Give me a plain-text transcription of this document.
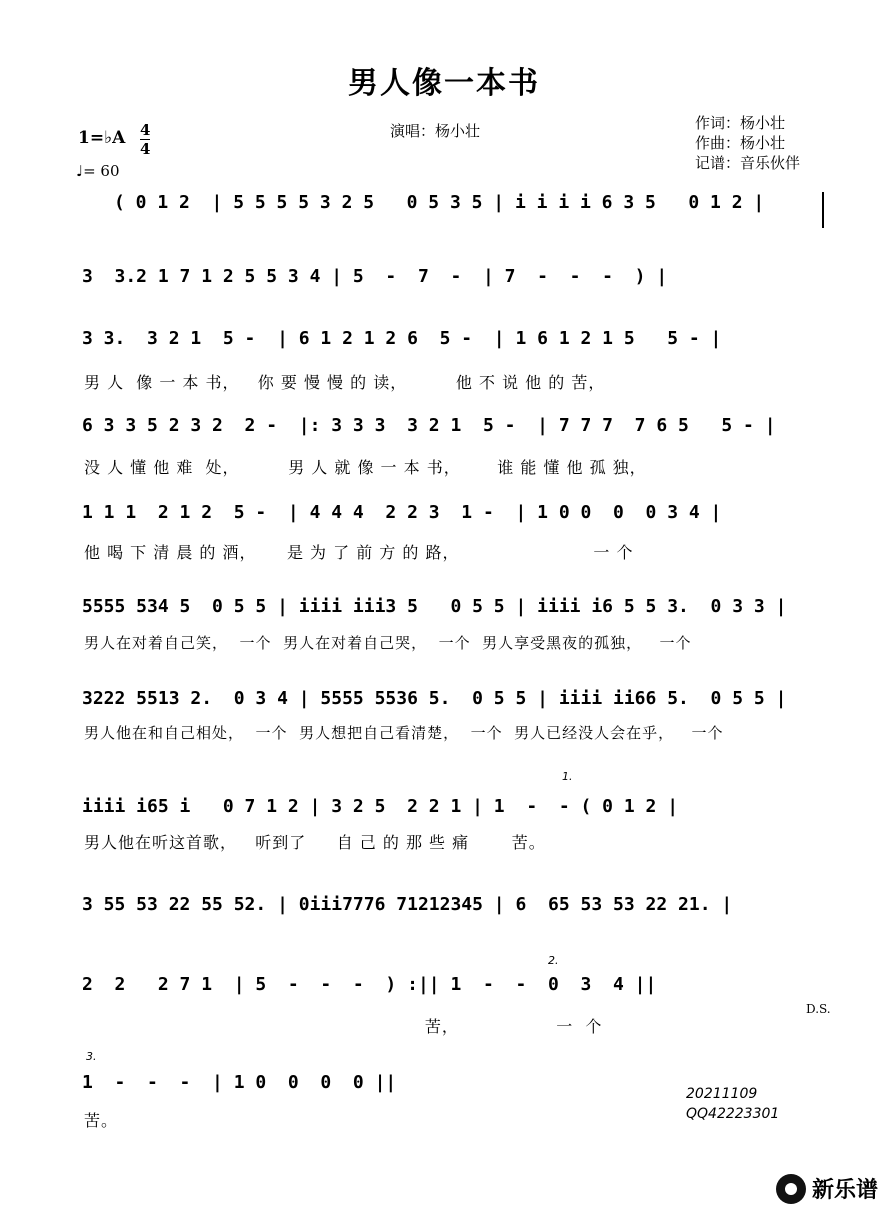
男人像一本书
1=♭A 4
4
♩= 60
演唱：杨小壮	作词：杨小壮
作曲：杨小壮
记谱：音乐伙伴
( 0 1 2  | 5 5 5 5 3 2 5   0 5 3 5 | i i i i 6 3 5   0 1 2 |
3  3.2 1 7 1 2 5 5 3 4 | 5  -  7  -  | 7  -  -  -  ) |
3 3.  3 2 1  5 -  | 6 1 2 1 2 6  5 -  | 1 6 1 2 1 5   5 - |
男 人  像 一 本 书，   你 要 慢 慢 的 读，        他 不 说 他 的 苦，
6 3 3 5 2 3 2  2 -  |: 3 3 3  3 2 1  5 -  | 7 7 7  7 6 5   5 - |
没 人 懂 他 难  处，        男 人 就 像 一 本 书，      谁 能 懂 他 孤 独，
1 1 1  2 1 2  5 -  | 4 4 4  2 2 3  1 -  | 1 0 0  0  0 3 4 |
他 喝 下 清 晨 的 酒，     是 为 了 前 方 的 路，                      一 个
5555 534 5  0 5 5 | iiii iii3 5   0 5 5 | iiii i6 5 5 3.  0 3 3 |
男人在对着自己笑，  一个  男人在对着自己哭，  一个  男人享受黑夜的孤独，   一个
3222 5513 2.  0 3 4 | 5555 5536 5.  0 5 5 | iiii ii66 5.  0 5 5 |
男人他在和自己相处，  一个  男人想把自己看清楚，  一个  男人已经没人会在乎，   一个
1.
iiii i65 i   0 7 1 2 | 3 2 5  2 2 1 | 1  -  - ( 0 1 2 |
男人他在听这首歌，   听到了     自 己 的 那 些 痛       苦。
3 55 53 22 55 52. | 0iii7776 71212345 | 6  65 53 53 22 21. |
2.
2  2   2 7 1  | 5  -  -  -  ) :|| 1  -  -  0  3  4 ||
苦，                一  个
D.S.
3.
1  -  -  -  | 1 0  0  0  0 ||
苦。
20211109
QQ42223301
新乐谱
